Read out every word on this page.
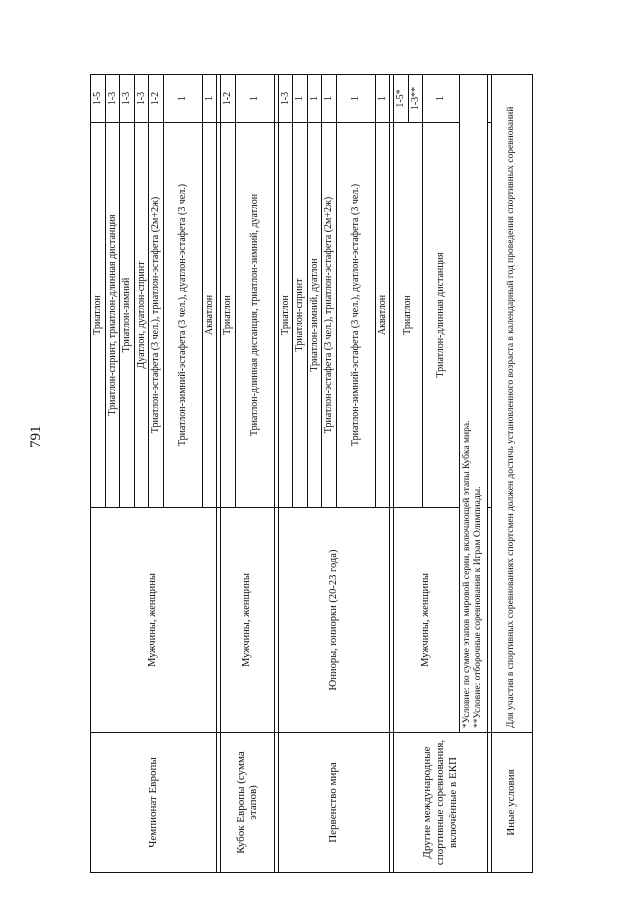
791
Чемпионат Европы	Мужчины, женщины	Триатлон	1-5
		Триатлон-спринт, триатлон-длинная дистанция	1-3
		Триатлон-зимний	1-3
		Дуатлон, дуатлон-спринт	1-3
		Триатлон-эстафета (3 чел.), триатлон-эстафета (2м+2ж)	1-2
		Триатлон-зимний-эстафета (3 чел.), дуатлон-эстафета (3 чел.)	1
		Акватлон	1

Кубок Европы (сумма этапов)	Мужчины, женщины	Триатлон	1-2
		Триатлон-длинная дистанция, триатлон-зимний, дуатлон	1

Первенство мира	Юниоры, юниорки (20-23 года)	Триатлон	1-3
		Триатлон-спринт	1
		Триатлон-зимний, дуатлон	1
		Триатлон-эстафета (3 чел.), триатлон-эстафета (2м+2ж)	1
		Триатлон-зимний-эстафета (3 чел.), дуатлон-эстафета (3 чел.)	1
		Акватлон	1

Другие международные спортивные соревнования, включённые в ЕКП	Мужчины, женщины	Триатлон	1-5*
			1-3**
		Триатлон-длинная дистанция	1

	*Условие: по сумме этапов мировой серии, включающей этапы Кубка мира. **Условие: отборочные соревнования к Играм Олимпиады.		

Иные условия	Для участия в спортивных соревнованиях спортсмен должен достичь установленного возраста в календарный год проведения спортивных соревнований		
